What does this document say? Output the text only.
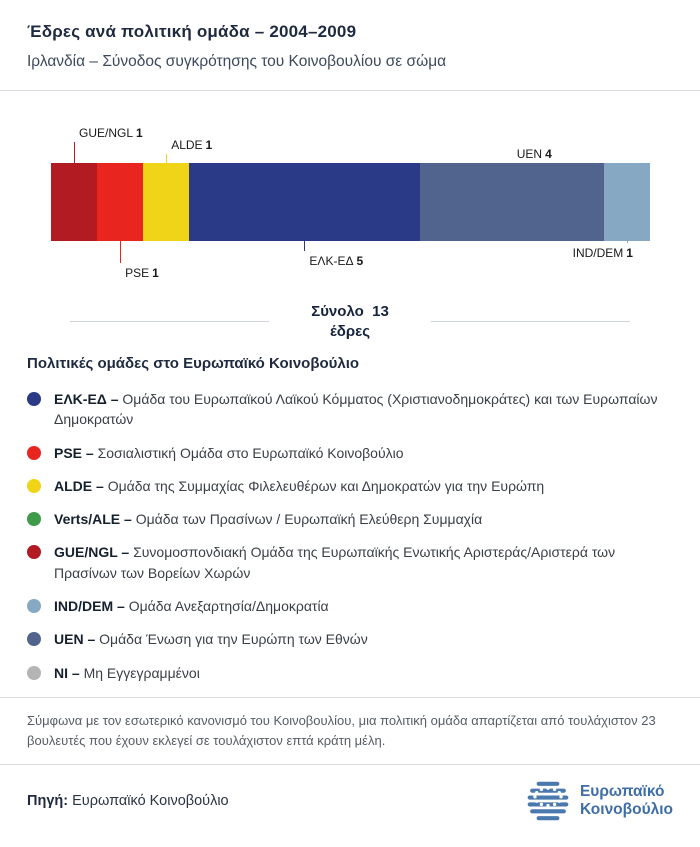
Έδρες ανά πολιτική ομάδα – 2004–2009
Ιρλανδία – Σύνοδος συγκρότησης του Κοινοβουλίου σε σώμα
GUE/NGL 1
PSE 1
ALDE 1
ΕΛΚ-ΕΔ 5
UEN 4
IND/DEM 1
Σύνολο 13
έδρες
Πολιτικές ομάδες στο Ευρωπαϊκό Κοινοβούλιο
ΕΛΚ-ΕΔ – Ομάδα του Ευρωπαϊκού Λαϊκού Κόμματος (Χριστιανοδημοκράτες) και των Ευρωπαίων Δημοκρατών
PSE – Σοσιαλιστική Ομάδα στο Ευρωπαϊκό Κοινοβούλιο
ALDE – Ομάδα της Συμμαχίας Φιλελευθέρων και Δημοκρατών για την Ευρώπη
Verts/ALE – Ομάδα των Πρασίνων / Ευρωπαϊκή Ελεύθερη Συμμαχία
GUE/NGL – Συνομοσπονδιακή Ομάδα της Ευρωπαϊκής Ενωτικής Αριστεράς/Αριστερά των Πρασίνων των Βορείων Χωρών
IND/DEM – Ομάδα Ανεξαρτησία/Δημοκρατία
UEN – Ομάδα Ένωση για την Ευρώπη των Εθνών
NI – Μη Εγγεγραμμένοι

Σύμφωνα με τον εσωτερικό κανονισμό του Κοινοβουλίου, μια πολιτική ομάδα απαρτίζεται από τουλάχιστον 23 βουλευτές που έχουν εκλεγεί σε τουλάχιστον επτά κράτη μέλη.

Πηγή: Ευρωπαϊκό Κοινοβούλιο
Ευρωπαϊκό
Κοινοβούλιο
